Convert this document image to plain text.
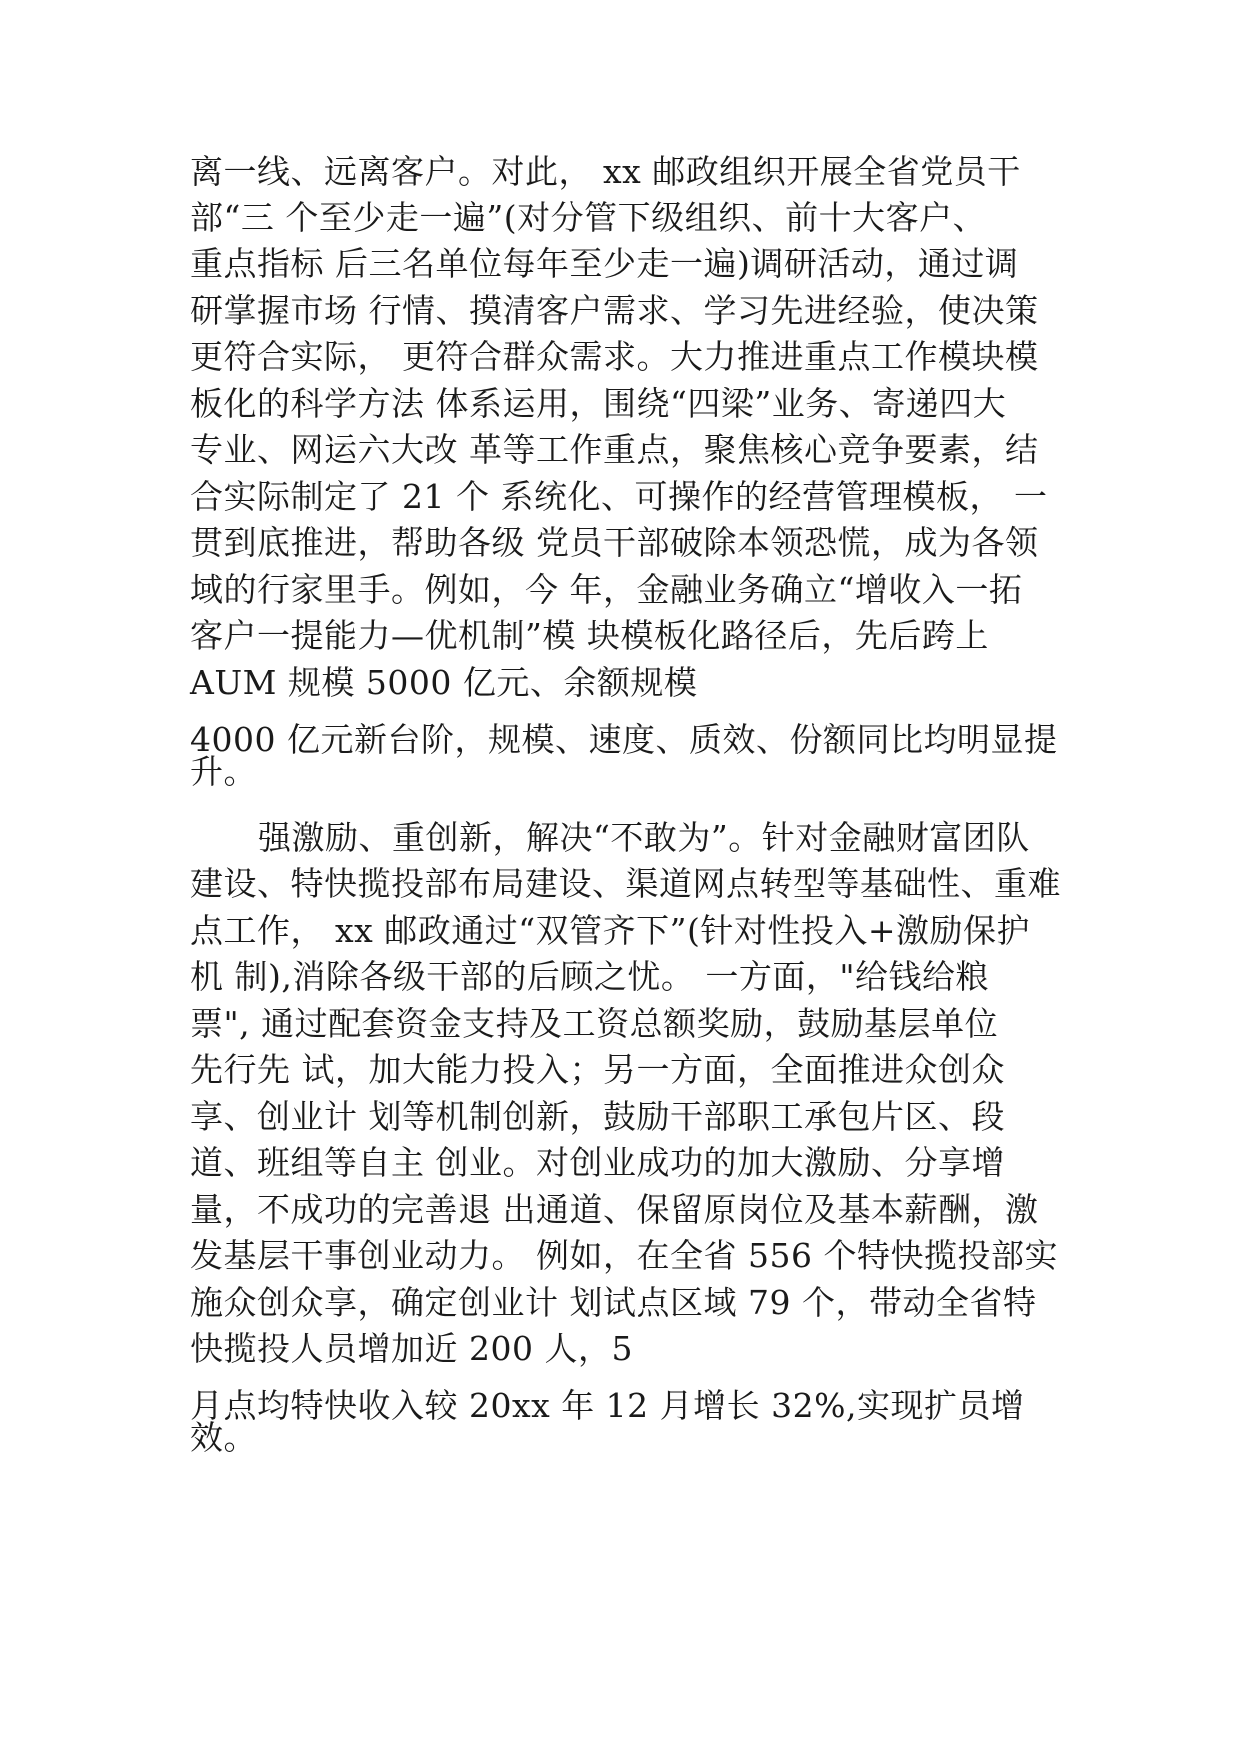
离一线、远离客户。对此， xx 邮政组织开展全省党员干

部“三 个至少走一遍”(对分管下级组织、前十大客户、

重点指标 后三名单位每年至少走一遍)调研活动，通过调

研掌握市场 行情、摸清客户需求、学习先进经验，使决策

更符合实际， 更符合群众需求。大力推进重点工作模块模

板化的科学方法 体系运用，围绕“四梁”业务、寄递四大

专业、网运六大改 革等工作重点，聚焦核心竞争要素，结

合实际制定了 21 个 系统化、可操作的经营管理模板， 一

贯到底推进，帮助各级 党员干部破除本领恐慌，成为各领

域的行家里手。例如，今 年，金融业务确立“增收入一拓

客户一提能力—优机制”模 块模板化路径后，先后跨上

AUM 规模 5000 亿元、余额规模

4000 亿元新台阶，规模、速度、质效、份额同比均明显提

升。

强激励、重创新，解决“不敢为”。针对金融财富团队

建设、特快揽投部布局建设、渠道网点转型等基础性、重难

点工作， xx 邮政通过“双管齐下”(针对性投入+激励保护

机 制),消除各级干部的后顾之忧。 一方面，"给钱给粮

票", 通过配套资金支持及工资总额奖励，鼓励基层单位

先行先 试，加大能力投入；另一方面，全面推进众创众

享、创业计 划等机制创新，鼓励干部职工承包片区、段

道、班组等自主 创业。对创业成功的加大激励、分享增

量，不成功的完善退 出通道、保留原岗位及基本薪酬，激

发基层干事创业动力。 例如，在全省 556 个特快揽投部实

施众创众享，确定创业计 划试点区域 79 个，带动全省特

快揽投人员增加近 200 人，5

月点均特快收入较 20xx 年 12 月增长 32%,实现扩员增

效。
